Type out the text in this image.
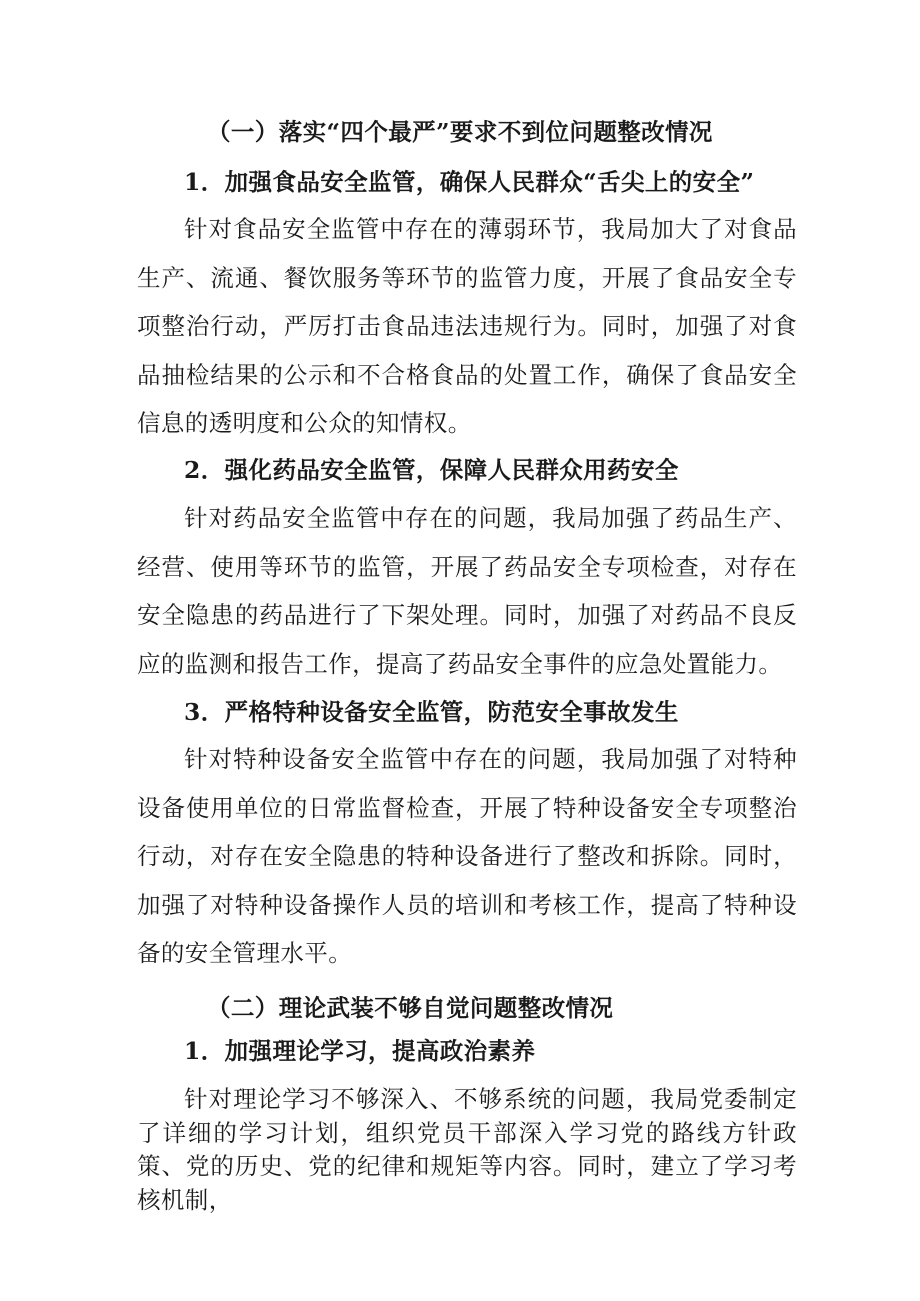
（一）落实“四个最严”要求不到位问题整改情况
1．加强食品安全监管，确保人民群众“舌尖上的安全”

针对食品安全监管中存在的薄弱环节，我局加大了对食品生产、流通、餐饮服务等环节的监管力度，开展了食品安全专项整治行动，严厉打击食品违法违规行为。同时，加强了对食品抽检结果的公示和不合格食品的处置工作，确保了食品安全信息的透明度和公众的知情权。

2．强化药品安全监管，保障人民群众用药安全

针对药品安全监管中存在的问题，我局加强了药品生产、经营、使用等环节的监管，开展了药品安全专项检查，对存在安全隐患的药品进行了下架处理。同时，加强了对药品不良反应的监测和报告工作，提高了药品安全事件的应急处置能力。

3．严格特种设备安全监管，防范安全事故发生

针对特种设备安全监管中存在的问题，我局加强了对特种设备使用单位的日常监督检查，开展了特种设备安全专项整治行动，对存在安全隐患的特种设备进行了整改和拆除。同时，加强了对特种设备操作人员的培训和考核工作，提高了特种设备的安全管理水平。

（二）理论武装不够自觉问题整改情况
1．加强理论学习，提高政治素养

针对理论学习不够深入、不够系统的问题，我局党委制定了详细的学习计划，组织党员干部深入学习党的路线方针政策、党的历史、党的纪律和规矩等内容。同时，建立了学习考核机制，
